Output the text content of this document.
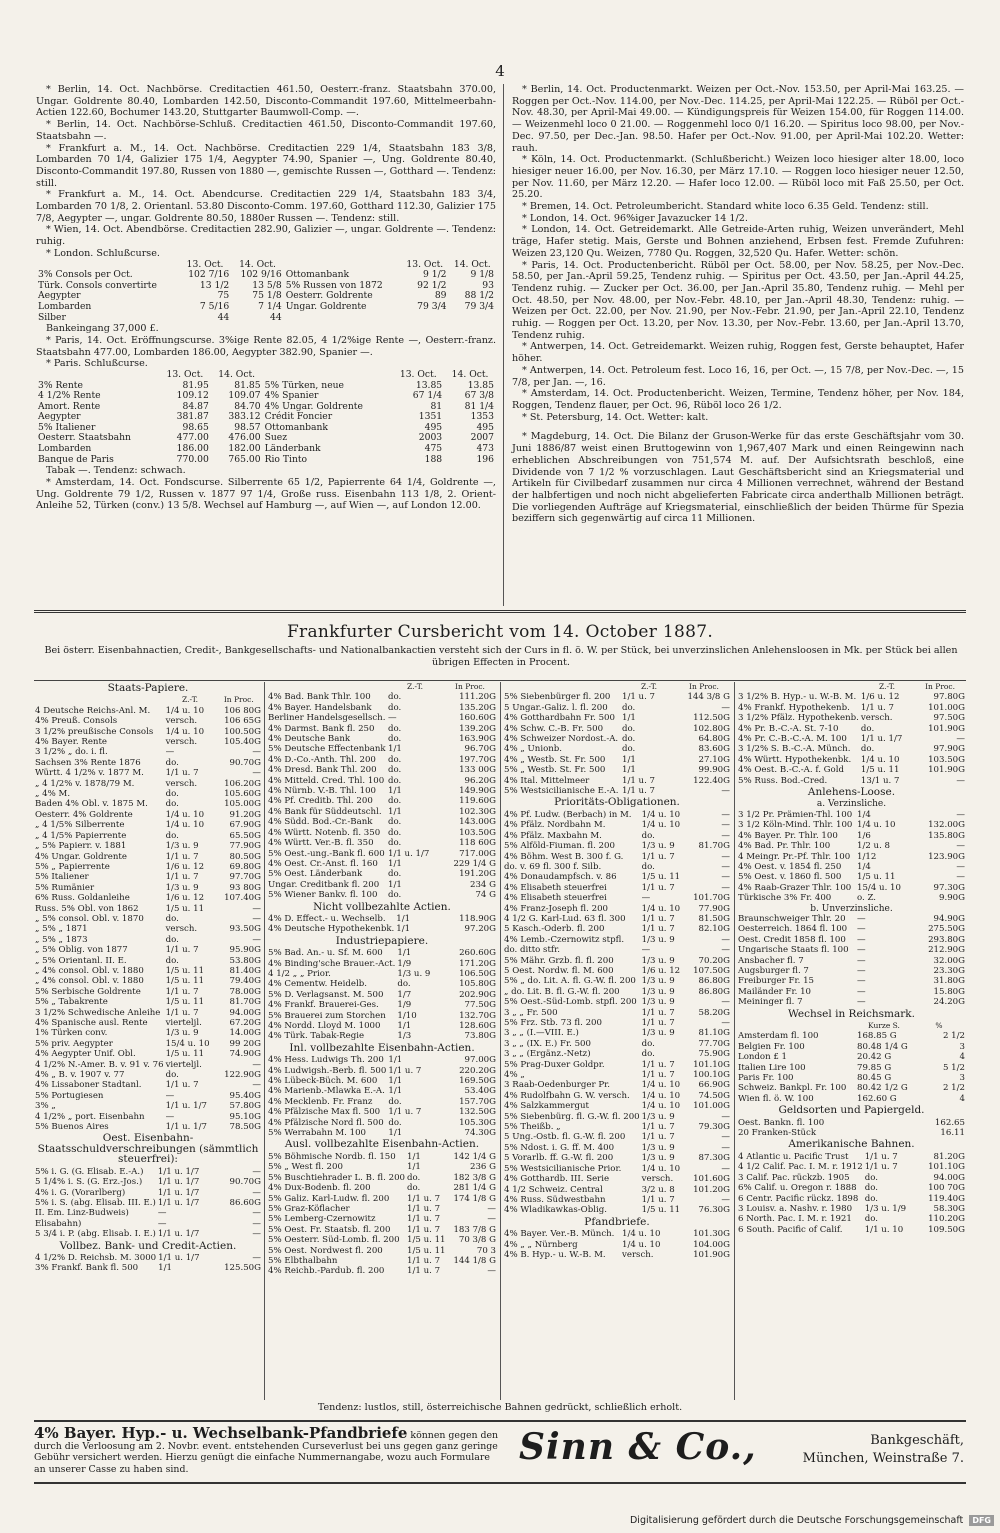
4

* Berlin, 14. Oct. Nachbörse. Creditactien 461.50, Oesterr.-franz. Staatsbahn 370.00, Ungar. Goldrente 80.40, Lombarden 142.50, Disconto-Commandit 197.60, Mittelmeerbahn-Actien 122.60, Bochumer 143.20, Stuttgarter Baumwoll-Comp. —.

* Berlin, 14. Oct. Nachbörse-Schluß. Creditactien 461.50, Disconto-Commandit 197.60, Staatsbahn —.

* Frankfurt a. M., 14. Oct. Nachbörse. Creditactien 229 1/4, Staatsbahn 183 3/8, Lombarden 70 1/4, Galizier 175 1/4, Aegypter 74.90, Spanier —, Ung. Goldrente 80.40, Disconto-Commandit 197.80, Russen von 1880 —, gemischte Russen —, Gotthard —. Tendenz: still.

* Frankfurt a. M., 14. Oct. Abendcurse. Creditactien 229 1/4, Staatsbahn 183 3/4, Lombarden 70 1/8, 2. Orientanl. 53.80 Disconto-Comm. 197.60, Gotthard 112.30, Galizier 175 7/8, Aegypter —, ungar. Goldrente 80.50, 1880er Russen —. Tendenz: still.

* Wien, 14. Oct. Abendbörse. Creditactien 282.90, Galizier —, ungar. Goldrente —. Tendenz: ruhig.

* London. Schlußcurse.

	13. Oct.	14. Oct.		13. Oct.	14. Oct.
3% Consols per Oct.	102 7/16	102 9/16	Ottomanbank	9 1/2	9 1/8
Türk. Consols convertirte	13 1/2	13 5/8	5% Russen von 1872	92 1/2	93
Aegypter	75	75 1/8	Oesterr. Goldrente	89	88 1/2
Lombarden	7 5/16	7 1/4	Ungar. Goldrente	79 3/4	79 3/4
Silber	44	44			

Bankeingang 37,000 £.

* Paris, 14. Oct. Eröffnungscurse. 3%ige Rente 82.05, 4 1/2%ige Rente —, Oesterr.-franz. Staatsbahn 477.00, Lombarden 186.00, Aegypter 382.90, Spanier —.

* Paris. Schlußcurse.

	13. Oct.	14. Oct.		13. Oct.	14. Oct.
3% Rente	81.95	81.85	5% Türken, neue	13.85	13.85
4 1/2% Rente	109.12	109.07	4% Spanier	67 1/4	67 3/8
Amort. Rente	84.87	84.70	4% Ungar. Goldrente	81	81 1/4
Aegypter	381.87	383.12	Crédit Foncier	1351	1353
5% Italiener	98.65	98.57	Ottomanbank	495	495
Oesterr. Staatsbahn	477.00	476.00	Suez	2003	2007
Lombarden	186.00	182.00	Länderbank	475	473
Banque de Paris	770.00	765.00	Rio Tinto	188	196

Tabak —. Tendenz: schwach.

* Amsterdam, 14. Oct. Fondscurse. Silberrente 65 1/2, Papierrente 64 1/4, Goldrente —, Ung. Goldrente 79 1/2, Russen v. 1877 97 1/4, Große russ. Eisenbahn 113 1/8, 2. Orient-Anleihe 52, Türken (conv.) 13 5/8. Wechsel auf Hamburg —, auf Wien —, auf London 12.00.

* Berlin, 14. Oct. Productenmarkt. Weizen per Oct.-Nov. 153.50, per April-Mai 163.25. — Roggen per Oct.-Nov. 114.00, per Nov.-Dec. 114.25, per April-Mai 122.25. — Rüböl per Oct.-Nov. 48.30, per April-Mai 49.00. — Kündigungspreis für Weizen 154.00, für Roggen 114.00. — Weizenmehl loco 0 21.00. — Roggenmehl loco 0/1 16.20. — Spiritus loco 98.00, per Nov.-Dec. 97.50, per Dec.-Jan. 98.50. Hafer per Oct.-Nov. 91.00, per April-Mai 102.20. Wetter: rauh.

* Köln, 14. Oct. Productenmarkt. (Schlußbericht.) Weizen loco hiesiger alter 18.00, loco hiesiger neuer 16.00, per Nov. 16.30, per März 17.10. — Roggen loco hiesiger neuer 12.50, per Nov. 11.60, per März 12.20. — Hafer loco 12.00. — Rüböl loco mit Faß 25.50, per Oct. 25.20.

* Bremen, 14. Oct. Petroleumbericht. Standard white loco 6.35 Geld. Tendenz: still.

* London, 14. Oct. 96%iger Javazucker 14 1/2.

* London, 14. Oct. Getreidemarkt. Alle Getreide-Arten ruhig, Weizen unverändert, Mehl träge, Hafer stetig. Mais, Gerste und Bohnen anziehend, Erbsen fest. Fremde Zufuhren: Weizen 23,120 Qu. Weizen, 7780 Qu. Roggen, 32,520 Qu. Hafer. Wetter: schön.

* Paris, 14. Oct. Productenbericht. Rüböl per Oct. 58.00, per Nov. 58.25, per Nov.-Dec. 58.50, per Jan.-April 59.25, Tendenz ruhig. — Spiritus per Oct. 43.50, per Jan.-April 44.25, Tendenz ruhig. — Zucker per Oct. 36.00, per Jan.-April 35.80, Tendenz ruhig. — Mehl per Oct. 48.50, per Nov. 48.00, per Nov.-Febr. 48.10, per Jan.-April 48.30, Tendenz: ruhig. — Weizen per Oct. 22.00, per Nov. 21.90, per Nov.-Febr. 21.90, per Jan.-April 22.10, Tendenz ruhig. — Roggen per Oct. 13.20, per Nov. 13.30, per Nov.-Febr. 13.60, per Jan.-April 13.70, Tendenz ruhig.

* Antwerpen, 14. Oct. Getreidemarkt. Weizen ruhig, Roggen fest, Gerste behauptet, Hafer höher.

* Antwerpen, 14. Oct. Petroleum fest. Loco 16, 16, per Oct. —, 15 7/8, per Nov.-Dec. —, 15 7/8, per Jan. —, 16.

* Amsterdam, 14. Oct. Productenbericht. Weizen, Termine, Tendenz höher, per Nov. 184, Roggen, Tendenz flauer, per Oct. 96, Rüböl loco 26 1/2.

* St. Petersburg, 14. Oct. Wetter: kalt.

* Magdeburg, 14. Oct. Die Bilanz der Gruson-Werke für das erste Geschäftsjahr vom 30. Juni 1886/87 weist einen Bruttogewinn von 1,967,407 Mark und einen Reingewinn nach erheblichen Abschreibungen von 751,574 M. auf. Der Aufsichtsrath beschloß, eine Dividende von 7 1/2 % vorzuschlagen. Laut Geschäftsbericht sind an Kriegsmaterial und Artikeln für Civilbedarf zusammen nur circa 4 Millionen verrechnet, während der Bestand der halbfertigen und noch nicht abgelieferten Fabricate circa anderthalb Millionen beträgt. Die vorliegenden Aufträge auf Kriegsmaterial, einschließlich der beiden Thürme für Spezia beziffern sich gegenwärtig auf circa 11 Millionen.

Frankfurter Cursbericht vom 14. October 1887.
Bei österr. Eisenbahnactien, Credit-, Bankgesellschafts- und Nationalbankactien versteht sich der Curs in fl. ö. W. per Stück, bei unverzinslichen Anlehensloosen in Mk. per Stück bei allen übrigen Effecten in Procent.
Staats-Papiere.
	Z.-T.	In Proc.
4 Deutsche Reichs-Anl. M.	1/4 u. 10	106 80G
4% Preuß. Consols	versch.	106 65G
3 1/2% preußische Consols	1/4 u. 10	100.50G
4% Bayer. Rente	versch.	105.40G
3 1/2% „ do. i. fl.	—	—
Sachsen 3% Rente 1876	do.	90.70G
Württ. 4 1/2% v. 1877 M.	1/1 u. 7	—
„ 4 1/2% v. 1878/79 M.	versch.	106.20G
„ 4% M.	do.	105.60G
Baden 4% Obl. v. 1875 M.	do.	105.00G
Oesterr. 4% Goldrente	1/4 u. 10	91.20G
„ 4 1/5% Silberrente	1/4 u. 10	67.90G
„ 4 1/5% Papierrente	do.	65.50G
„ 5% Papierr. v. 1881	1/3 u. 9	77.90G
4% Ungar. Goldrente	1/1 u. 7	80.50G
5% „ Papierrente	1/6 u. 12	69.80G
5% Italiener	1/1 u. 7	97.70G
5% Rumänier	1/3 u. 9	93 80G
6% Russ. Goldanleihe	1/6 u. 12	107.40G
Russ. 5% Obl. von 1862	1/5 u. 11	—
„ 5% consol. Obl. v. 1870	do.	—
„ 5% „ 1871	versch.	93.50G
„ 5% „ 1873	do.	—
„ 5% Oblig. von 1877	1/1 u. 7	95.90G
„ 5% Orientanl. II. E.	do.	53.80G
„ 4% consol. Obl. v. 1880	1/5 u. 11	81.40G
„ 4% consol. Obl. v. 1880	1/5 u. 11	79.40G
5% Serbische Goldrente	1/1 u. 7	78.00G
5% „ Tabakrente	1/5 u. 11	81.70G
3 1/2% Schwedische Anleihe	1/1 u. 7	94.00G
4% Spanische ausl. Rente	vierteljl.	67.20G
1% Türken conv.	1/3 u. 9	14.00G
5% priv. Aegypter	15/4 u. 10	99 20G
4% Aegypter Unif. Obl.	1/5 u. 11	74.90G
4 1/2% N.-Amer. B. v. 91 v. 76	vierteljl.	—
4% „ B. v. 1907 v. 77	do.	122.90G
4% Lissaboner Stadtanl.	1/1 u. 7	—
5% Portugiesen	—	95.40G
3% „	1/1 u. 1/7	57.80G
4 1/2% „ port. Eisenbahn	—	95.10G
5% Buenos Aires	1/1 u. 1/7	78.50G
Oest. Eisenbahn-Staatsschuldverschreibungen (sämmtlich steuerfrei):
5% i. G. (G. Elisab. E.-A.)	1/1 u. 1/7	—
5 1/4% i. S. (G. Erz.-Jos.)	1/1 u. 1/7	90.70G
4% i. G. (Vorarlberg)	1/1 u. 1/7	—
5% i. S. (abg. Elisab. III. E.)	1/1 u. 1/7	86.60G
II. Em. Linz-Budweis)	—	—
Elisabahn)	—	—
5 3/4 i. P. (abg. Elisab. I. E.)	1/1 u. 1/7	—
Vollbez. Bank- und Credit-Actien.
4 1/2% D. Reichsb. M. 3000	1/1 u. 1/7	—
3% Frankf. Bank fl. 500	1/1	125.50G
	Z.-T.	In Proc.
4% Bad. Bank Thlr. 100	do.	111.20G
4% Bayer. Handelsbank	do.	135.20G
Berliner Handelsgesellsch.	—	160.60G
4% Darmst. Bank fl. 250	do.	139.20G
4% Deutsche Bank	do.	163.90G
5% Deutsche Effectenbank	1/1	96.70G
4% D.-Co.-Anth. Thl. 200	do.	197.70G
4% Dresd. Bank Thl. 200	do.	133 00G
4% Mitteld. Cred. Thl. 100	do.	96.20G
4% Nürnb. V.-B. Thl. 100	1/1	149.90G
4% Pf. Creditb. Thl. 200	do.	119.60G
4% Bank für Süddeutschl.	1/1	102.30G
4% Südd. Bod.-Cr.-Bank	do.	143.00G
4% Württ. Notenb. fl. 350	do.	103.50G
4% Württ. Ver.-B. fl. 350	do.	118 60G
5% Oest.-ung.-Bank fl. 600	1/1 u. 1/7	717.00G
4% Oest. Cr.-Anst. fl. 160	1/1	229 1/4 G
5% Oest. Länderbank	do.	191.20G
Ungar. Creditbank fl. 200	1/1	234 G
5% Wiener Bankv. fl. 100	do.	74 G
Nicht vollbezahlte Actien.
4% D. Effect.- u. Wechselb.	1/1	118.90G
4% Deutsche Hypothekenbk.	1/1	97.20G
Industriepapiere.
5% Bad. An.- u. Sf. M. 600	1/1	260.60G
4% Binding'sche Brauer.-Act.	1/9	171.20G
4 1/2 „ „ Prior.	1/3 u. 9	106.50G
4% Cementw. Heidelb.	do.	105.80G
5% D. Verlagsanst. M. 500	1/7	202.90G
4% Frankf. Brauerei-Ges.	1/9	77.50G
5% Brauerei zum Storchen	1/10	132.70G
4% Nordd. Lloyd M. 1000	1/1	128.60G
4% Türk. Tabak-Regie	1/3	73.80G
Inl. vollbezahlte Eisenbahn-Actien.
4% Hess. Ludwigs Th. 200	1/1	97.00G
4% Ludwigsh.-Berb. fl. 500	1/1 u. 7	220.20G
4% Lübeck-Büch. M. 600	1/1	169.50G
4% Marienb.-Mlawka E.-A.	1/1	53.40G
4% Mecklenb. Fr. Franz	do.	157.70G
4% Pfälzische Max fl. 500	1/1 u. 7	132.50G
4% Pfälzische Nord fl. 500	do.	105.30G
5% Werrabahn M. 100	1/1	74.30G
Ausl. vollbezahlte Eisenbahn-Actien.
5% Böhmische Nordb. fl. 150	1/1	142 1/4 G
5% „ West fl. 200	1/1	236 G
5% Buschtiehrader L. B. fl. 200	do.	182 3/8 G
4% Dux-Bodenb. fl. 200	do.	281 1/4 G
5% Galiz. Karl-Ludw. fl. 200	1/1 u. 7	174 1/8 G
5% Graz-Köflacher	1/1 u. 7	—
5% Lemberg-Czernowitz	1/1 u. 7	—
5% Oest. Fr. Staatsb. fl. 200	1/1 u. 7	183 7/8 G
5% Oesterr. Süd-Lomb. fl. 200	1/5 u. 11	70 3/8 G
5% Oest. Nordwest fl. 200	1/5 u. 11	70 3
5% Elbthalbahn	1/1 u. 7	144 1/8 G
4% Reichb.-Pardub. fl. 200	1/1 u. 7	—
	Z.-T.	In Proc.
5% Siebenbürger fl. 200	1/1 u. 7	144 3/8 G
5 Ungar.-Galiz. l. fl. 200	do.	—
4% Gotthardbahn Fr. 500	1/1	112.50G
4% Schw. C.-B. Fr. 500	do.	102.80G
4% Schweizer Nordost.-A.	do.	64.80G
4% „ Unionb.	do.	83.60G
4% „ Westb. St. Fr. 500	1/1	27.10G
5% „ Westb. St. Fr. 500	1/1	99.90G
4% Ital. Mittelmeer	1/1 u. 7	122.40G
5% Westsicilianische E.-A.	1/1 u. 7	—
Prioritäts-Obligationen.
4% Pf. Ludw. (Berbach) in M.	1/4 u. 10	—
4% Pfälz. Nordbahn M.	1/4 u. 10	—
4% Pfälz. Maxbahn M.	do.	—
5% Alföld-Fiuman. fl. 200	1/3 u. 9	81.70G
4% Böhm. West B. 300 f. G.	1/1 u. 7	—
do. v. 69 fl. 300 f. Silb.	do.	—
4% Donaudampfsch. v. 86	1/5 u. 11	—
4% Elisabeth steuerfrei	1/1 u. 7	—
4% Elisabeth steuerfrei	—	101.70G
4% Franz-Joseph fl. 200	1/4 u. 10	77.90G
4 1/2 G. Karl-Lud. 63 fl. 300	1/1 u. 7	81.50G
5 Kasch.-Oderb. fl. 200	1/1 u. 7	82.10G
4% Lemb.-Czernowitz stpfl.	1/3 u. 9	—
do. ditto stfr.	—	—
5% Mähr. Grzb. fl. fl. 200	1/3 u. 9	70.20G
5 Oest. Nordw. fl. M. 600	1/6 u. 12	107.50G
5% „ do. Lit. A. fl. G.-W. fl. 200	1/3 u. 9	86.80G
„ do. Lit. B. fl. G.-W. fl. 200	1/3 u. 9	86.80G
5% Oest.-Süd-Lomb. stpfl. 200	1/3 u. 9	—
3 „ „ Fr. 500	1/1 u. 7	58.20G
5% Frz. Stb. 73 fl. 200	1/1 u. 7	—
3 „ „ (I.—VIII. E.)	1/3 u. 9	81.10G
3 „ „ (IX. E.) Fr. 500	do.	77.70G
3 „ „ (Ergänz.-Netz)	do.	75.90G
5% Prag-Duxer Goldpr.	1/1 u. 7	101.10G
4% „	1/1 u. 7	100.10G
3 Raab-Oedenburger Pr.	1/4 u. 10	66.90G
4% Rudolfbahn G. W. versch.	1/4 u. 10	74.50G
4% Salzkammergut	1/4 u. 10	101.00G
5% Siebenbürg. fl. G.-W. fl. 200	1/3 u. 9	—
5% Theißb. „	1/1 u. 7	79.30G
5 Ung.-Ostb. fl. G.-W. fl. 200	1/1 u. 7	—
5% Ndost. i. G. ff. M. 400	1/3 u. 9	—
5 Vorarlb. ff. G.-W. fl. 200	1/3 u. 9	87.30G
5% Westsicilianische Prior.	1/4 u. 10	—
4% Gotthardb. III. Serie	versch.	101.60G
4 1/2 Schweiz. Central	3/2 u. 8	101.20G
4% Russ. Südwestbahn	1/1 u. 7	—
4% Wladikawkas-Oblig.	1/5 u. 11	76.30G
Pfandbriefe.
4% Bayer. Ver.-B. Münch.	1/4 u. 10	101.30G
4% „ „ Nürnberg	1/4 u. 10	104.00G
4% B. Hyp.- u. W.-B. M.	versch.	101.90G
	Z.-T.	In Proc.
3 1/2% B. Hyp.- u. W.-B. M.	1/6 u. 12	97.80G
4% Frankf. Hypothekenb.	1/1 u. 7	101.00G
3 1/2% Pfälz. Hypothekenb.	versch.	97.50G
4% Pr. B.-C.-A. St. 7-10	do.	101.90G
4% Pr. C.-B.-C.-A. M. 100	1/1 u. 1/7	—
3 1/2% S. B.-C.-A. Münch.	do.	97.90G
4% Württ. Hypothekenbk.	1/4 u. 10	103.50G
4% Oest. B.-C.-A. f. Gold	1/5 u. 11	101.90G
5% Russ. Bod.-Cred.	13/1 u. 7	—
Anlehens-Loose.
a. Verzinsliche.
3 1/2 Pr. Prämien-Thl. 100	1/4	—
3 1/2 Köln-Mind. Thlr. 100	1/4 u. 10	132.00G
4% Bayer. Pr. Thlr. 100	1/6	135.80G
4% Bad. Pr. Thlr. 100	1/2 u. 8	—
4 Meingr. Pr.-Pf. Thlr. 100	1/12	123.90G
4% Oest. v. 1854 fl. 250	1/4	—
5% Oest. v. 1860 fl. 500	1/5 u. 11	—
4% Raab-Grazer Thlr. 100	15/4 u. 10	97.30G
Türkische 3% Fr. 400	o. Z.	9.90G
b. Unverzinsliche.
Braunschweiger Thlr. 20	—	94.90G
Oesterreich. 1864 fl. 100	—	275.50G
Oest. Credit 1858 fl. 100	—	293.80G
Ungarische Staats fl. 100	—	212.90G
Ansbacher fl. 7	—	32.00G
Augsburger fl. 7	—	23.30G
Freiburger Fr. 15	—	31.80G
Mailänder Fr. 10	—	15.80G
Meininger fl. 7	—	24.20G
Wechsel in Reichsmark.
	Kurze S.	%
Amsterdam fl. 100	168.85 G	2 1/2
Belgien Fr. 100	80.48 1/4 G	3
London £ 1	20.42 G	4
Italien Lire 100	79.85 G	5 1/2
Paris Fr. 100	80.45 G	3
Schweiz. Bankpl. Fr. 100	80.42 1/2 G	2 1/2
Wien fl. ö. W. 100	162.60 G	4
Geldsorten und Papiergeld.
Oest. Bankn. fl. 100		162.65
20 Franken-Stück		16.11
Amerikanische Bahnen.
4 Atlantic u. Pacific Trust	1/1 u. 7	81.20G
4 1/2 Calif. Pac. I. M. r. 1912	1/1 u. 7	101.10G
3 Calif. Pac. rückzb. 1905	do.	94.00G
6% Calif. u. Oregon r. 1888	do.	100 70G
6 Centr. Pacific rückz. 1898	do.	119.40G
3 Louisv. a. Nashv. r. 1980	1/3 u. 1/9	58.30G
6 North. Pac. I. M. r. 1921	do.	110.20G
6 South. Pacific of Calif.	1/1 u. 10	109.50G
Tendenz: lustlos, still, österreichische Bahnen gedrückt, schließlich erholt.
4% Bayer. Hyp.- u. Wechselbank-Pfandbriefe können gegen den durch die Verloosung am 2. Novbr. event. entstehenden Curseverlust bei uns gegen ganz geringe Gebühr versichert werden. Hierzu genügt die einfache Nummernangabe, wozu auch Formulare an unserer Casse zu haben sind.
Sinn & Co.,	Bankgeschäft,
München, Weinstraße 7.
Digitalisierung gefördert durch die Deutsche Forschungsgemeinschaft DFG
